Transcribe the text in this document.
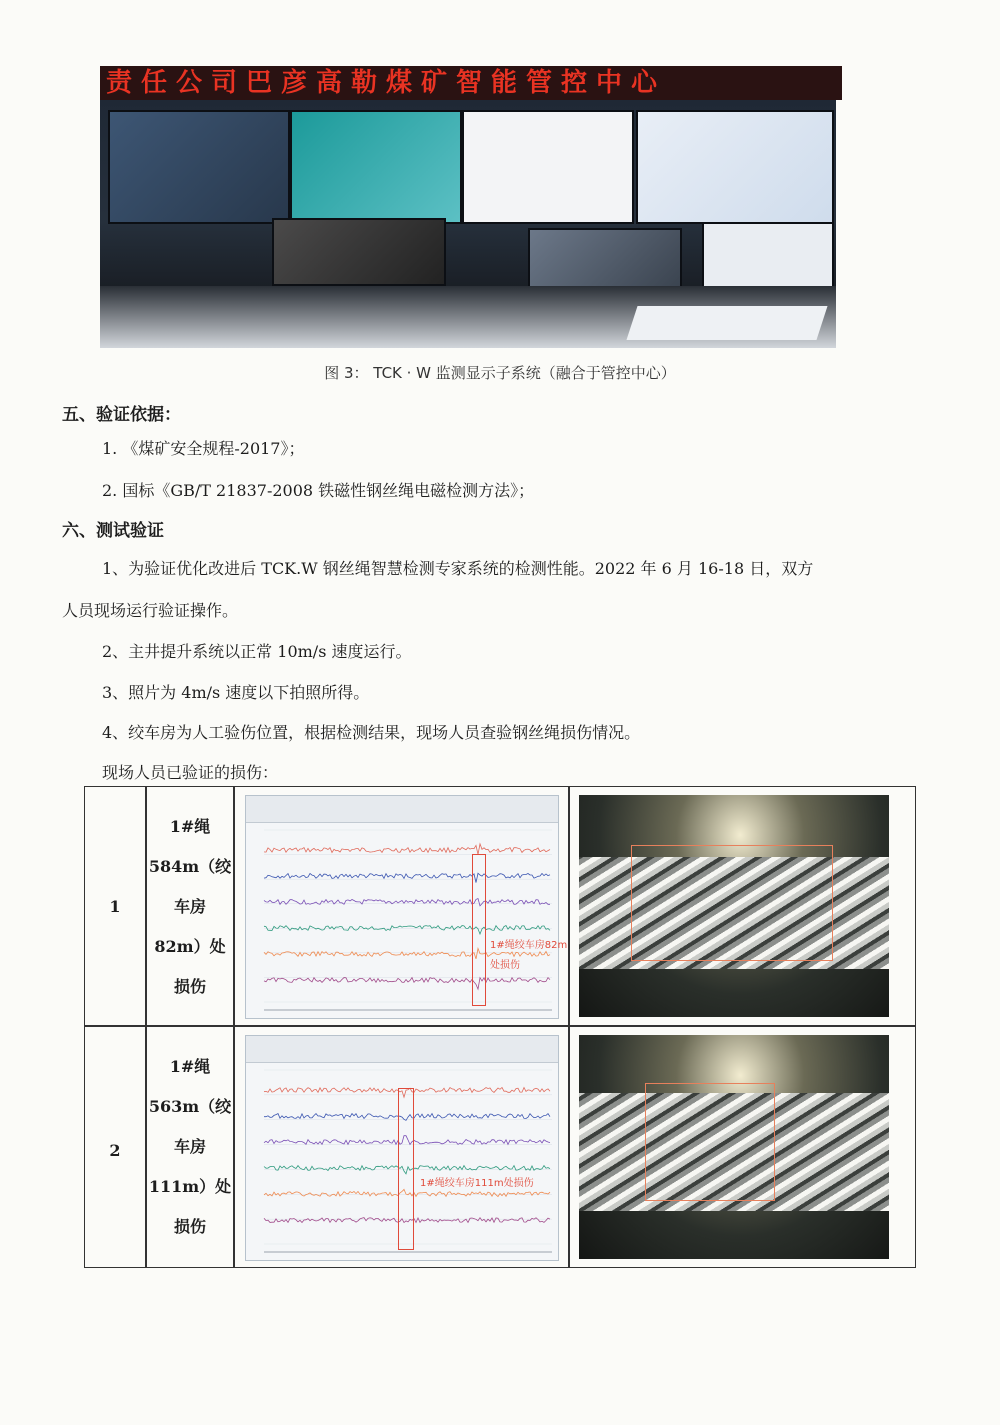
责任公司巴彦高勒煤矿智能管控中心
图 3： TCK · W 监测显示子系统（融合于管控中心）
五、验证依据：
1. 《煤矿安全规程-2017》；
2. 国标《GB/T 21837-2008 铁磁性钢丝绳电磁检测方法》；
六、测试验证
1、为验证优化改进后 TCK.W 钢丝绳智慧检测专家系统的检测性能。2022 年 6 月 16-18 日，双方
人员现场运行验证操作。
2、主井提升系统以正常 10m/s 速度运行。
3、照片为 4m/s 速度以下拍照所得。
4、绞车房为人工验伤位置，根据检测结果，现场人员查验钢丝绳损伤情况。
现场人员已验证的损伤：
1
1#绳
584m（绞
车房
82m）处
损伤
1#绳绞车房82m
处损伤
2
1#绳
563m（绞
车房
111m）处
损伤
1#绳绞车房111m处损伤
